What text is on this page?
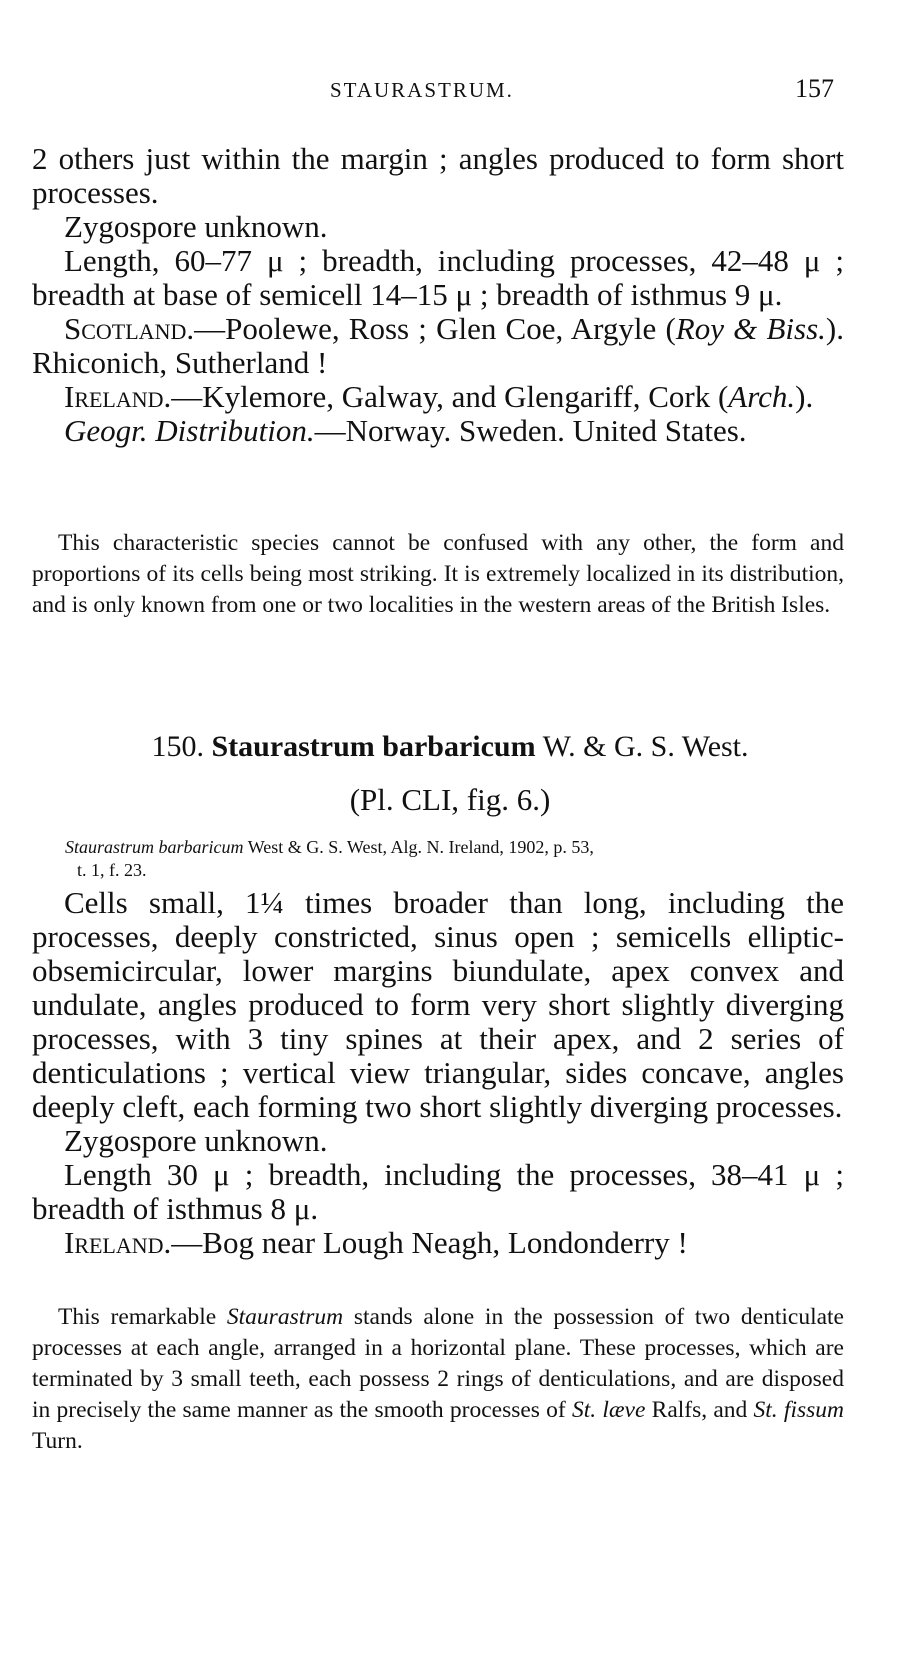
STAURASTRUM.	157

2 others just within the margin ; angles produced to form short processes.

Zygospore unknown.

Length, 60–77 μ ; breadth, including processes, 42–48 μ ; breadth at base of semicell 14–15 μ ; breadth of isthmus 9 μ.

Scotland.—Poolewe, Ross ; Glen Coe, Argyle (Roy & Biss.). Rhiconich, Sutherland !

Ireland.—Kylemore, Galway, and Glengariff, Cork (Arch.).

Geogr. Distribution.—Norway. Sweden. United States.

This characteristic species cannot be confused with any other, the form and proportions of its cells being most striking. It is extremely localized in its distribution, and is only known from one or two localities in the western areas of the British Isles.

150. Staurastrum barbaricum W. & G. S. West.
(Pl. CLI, fig. 6.)
Staurastrum barbaricum West & G. S. West, Alg. N. Ireland, 1902, p. 53,
t. 1, f. 23.

Cells small, 1¼ times broader than long, including the processes, deeply constricted, sinus open ; semicells elliptic-obsemicircular, lower margins biundulate, apex convex and undulate, angles produced to form very short slightly diverging processes, with 3 tiny spines at their apex, and 2 series of denticulations ; vertical view triangular, sides concave, angles deeply cleft, each forming two short slightly diverging processes.

Zygospore unknown.

Length 30 μ ; breadth, including the processes, 38–41 μ ; breadth of isthmus 8 μ.

Ireland.—Bog near Lough Neagh, Londonderry !

This remarkable Staurastrum stands alone in the possession of two denticulate processes at each angle, arranged in a horizontal plane. These processes, which are terminated by 3 small teeth, each possess 2 rings of denticulations, and are disposed in precisely the same manner as the smooth processes of St. læve Ralfs, and St. fissum Turn.
